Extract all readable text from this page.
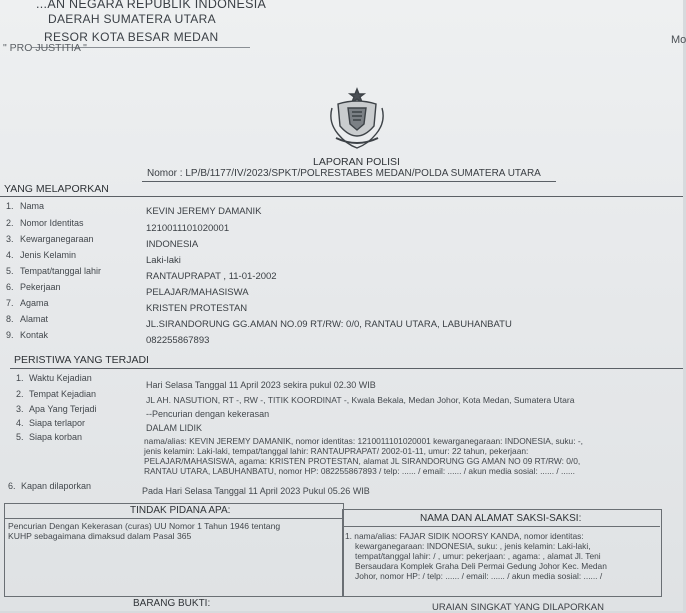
...AN NEGARA REPUBLIK INDONESIA
DAERAH SUMATERA UTARA
RESOR KOTA BESAR MEDAN
" PRO JUSTITIA "
Mo
LAPORAN POLISI
Nomor : LP/B/1177/IV/2023/SPKT/POLRESTABES MEDAN/POLDA SUMATERA UTARA
YANG MELAPORKAN
1. Nama	KEVIN JEREMY DAMANIK
2. Nomor Identitas	1210011101020001
3. Kewarganegaraan	INDONESIA
4. Jenis Kelamin	Laki-laki
5. Tempat/tanggal lahir	RANTAUPRAPAT , 11-01-2002
6. Pekerjaan	PELAJAR/MAHASISWA
7. Agama	KRISTEN PROTESTAN
8. Alamat	JL.SIRANDORUNG GG.AMAN NO.09 RT/RW: 0/0, RANTAU UTARA, LABUHANBATU
9. Kontak	082255867893
PERISTIWA YANG TERJADI
1. Waktu Kejadian
Hari Selasa Tanggal 11 April 2023 sekira pukul 02.30 WIB
2. Tempat Kejadian
JL AH. NASUTION, RT -, RW -, TITIK KOORDINAT -, Kwala Bekala, Medan Johor, Kota Medan, Sumatera Utara
3. Apa Yang Terjadi	--Pencurian dengan kekerasan
4. Siapa terlapor	DALAM LIDIK
5. Siapa korban	nama/alias: KEVIN JEREMY DAMANIK, nomor identitas: 1210011101020001 kewarganegaraan: INDONESIA, suku: -,
jenis kelamin: Laki-laki, tempat/tanggal lahir: RANTAUPRAPAT/ 2002-01-11, umur: 22 tahun, pekerjaan:
PELAJAR/MAHASISWA, agama: KRISTEN PROTESTAN, alamat JL SIRANDORUNG GG AMAN NO 09 RT/RW: 0/0,
RANTAU UTARA, LABUHANBATU, nomor HP: 082255867893 / telp: ...... / email: ...... / akun media sosial: ...... / ......
6. Kapan dilaporkan	Pada Hari Selasa Tanggal 11 April 2023 Pukul 05.26 WIB
TINDAK PIDANA APA:
NAMA DAN ALAMAT SAKSI-SAKSI:
Pencurian Dengan Kekerasan (curas) UU Nomor 1 Tahun 1946 tentang
KUHP sebagaimana dimaksud dalam Pasal 365	1. nama/alias: FAJAR SIDIK NOORSY KANDA, nomor identitas:
kewarganegaraan: INDONESIA, suku: , jenis kelamin: Laki-laki,
tempat/tanggal lahir: / , umur: pekerjaan: , agama: , alamat Jl. Teni
Bersaudara Komplek Graha Deli Permai Gedung Johor Kec. Medan
Johor, nomor HP: / telp: ...... / email: ...... / akun media sosial: ...... /
BARANG BUKTI:	URAIAN SINGKAT YANG DILAPORKAN
